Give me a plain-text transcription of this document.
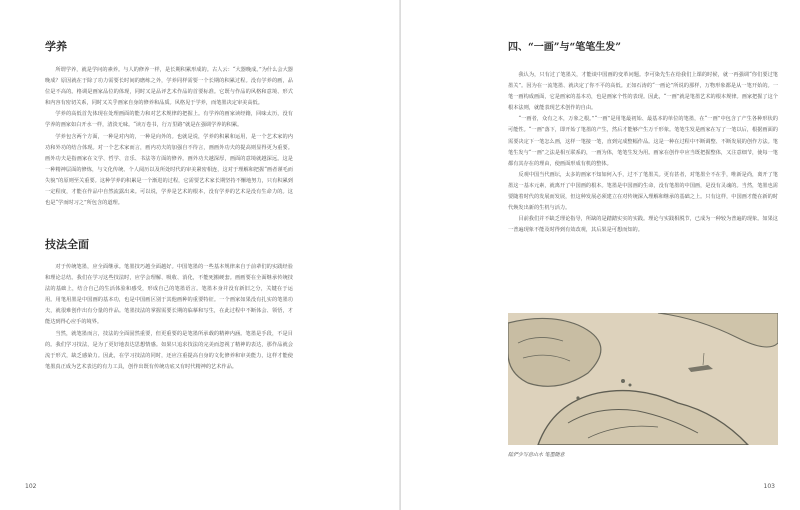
学养

所谓学养，就是学问的素养。与人的修养一样，是长期积累形成的。古人云：“大器晚成。”为什么会大器晚成？原因就在于除了功力需要长时间的磨练之外，学养同样需要一个长期的积累过程。没有学养的画，品位是不高的。格调是画家品位的体现，同时又是品评艺术作品的首要标准。它既与作品的风格和意境、形式和内容有密切关系，同时又关乎画家自身的修养和品质。风格见于学养，而笔墨决定审美高低。

学养的高低首先体现在处理画面的能力和对艺术规律的把握上。有学养的画家读经籍，回味太历，没有学养的画家如白开水一样，清淡无味。“读万卷书，行万里路”就是在强调学养的积累。

学养包含两个方面，一种是对内的，一种是向外的。也就是说，学养的积累和运用，是一个艺术家的内功和外功的结合体现。对一个艺术家而言，画内功夫的加强自不待言，画画外功夫的提高则显得更为重要。画外功夫是指画家在文学、哲学、音乐、书法等方面的修养。画外功夫越深厚，画面的意境就越深远。这是一种精神层面的修炼，与文化传统、个人阅历以及所处时代的审美紧密相连，这对于理解和把握“画者谨毛而失貌”的原则至关重要。这种学养的积累是一个渐进的过程，它需要艺术家长期坚持不懈地努力，只有积累到一定程度，才能在作品中自然流露出来。可以说，学养是艺术的根本，没有学养的艺术是没有生命力的。这也是“学而时习之”所包含的道理。

技法全面

对于传统笔墨，应全面继承。笔墨技巧越全面越好。中国笔墨的一些基本规律来自于前辈们的实践经验和理论总结。我们在学习这些技法时，应学会理解、吸收、消化，不能死搬硬套。画画要在全面继承传统技法的基础上，结合自己的生活体验和感受，形成自己的笔墨语言。笔墨本身并没有新旧之分，关键在于运用。用笔用墨是中国画的基本功，也是中国画区别于其他画种的重要特征。一个画家如果没有扎实的笔墨功夫，就很难创作出有分量的作品。笔墨技法的掌握需要长期的临摹和写生，在此过程中不断体会、领悟，才能达到得心应手的境界。

当然，就笔墨而言，技法的全面固然重要，但更重要的是笔墨所承载的精神内涵。笔墨是手段，不是目的。我们学习技法，是为了更好地表达思想情感。如果只追求技法的完美而忽视了精神的表达，那作品就会流于形式，缺乏感染力。因此，在学习技法的同时，还应注重提高自身的文化修养和审美能力，这样才能使笔墨真正成为艺术表达的有力工具，创作出既有传统功底又有时代精神的艺术作品。

102
四、“一画”与“笔笔生发”

我认为，只有过了笔墨关，才能谈中国画的变革问题。李可染先生在给我们上课的时候，就一再强调“你们要过笔墨关”。因为在一流笔墨、就决定了你不平的高低。正如石涛的“一画论”所说的那样，万物形象都是从一笔开始的。一笔一画构成画面，它是画家的基本功，也是画家个性的表现。因此，“一画”就是笔墨艺术的根本规律。画家把握了这个根本法则，就能表现艺术创作的自由。

“一画者，众有之本，万象之根。”“一画”是用笔最初始、最基本的单位的笔墨，在“一画”中包含了产生各种形状的可能性。“一画”落下，即开始了笔墨的产生，然后才能够产生万千形象。笔笔生发是画家在写了一笔以后，根据画面的需要决定下一笔怎么画，这样一笔接一笔，直到完成整幅作品。这是一种在过程中不断调整、不断发展的创作方法。笔笔生发与“一画”之法是相互联系的，一画为体，笔笔生发为用。画家在创作中应当既把握整体，又注意细节，使每一笔都有其存在的理由，使画面形成有机的整体。

反观中国当代画坛，太多的画家不知如何入手，过不了笔墨关。更有甚者，对笔墨全不在乎，唯新是尚，离开了笔墨这一基本元素，就离开了中国画的根本。笔墨是中国画的生命，没有笔墨的中国画，是没有灵魂的。当然，笔墨也需要随着时代的发展而发展，但这种发展必须建立在对传统深入理解和继承的基础之上。只有这样，中国画才能在新的时代焕发出新的生机与活力。

目前我们并不缺乏理论指导，所缺的是踏踏实实的实践。理论与实践相脱节，已成为一种较为普遍的现象。如果这一普遍现象不能及时得到有效改观，其后果是可想而知的。

陆俨少写意山水 笔墨随意
103
